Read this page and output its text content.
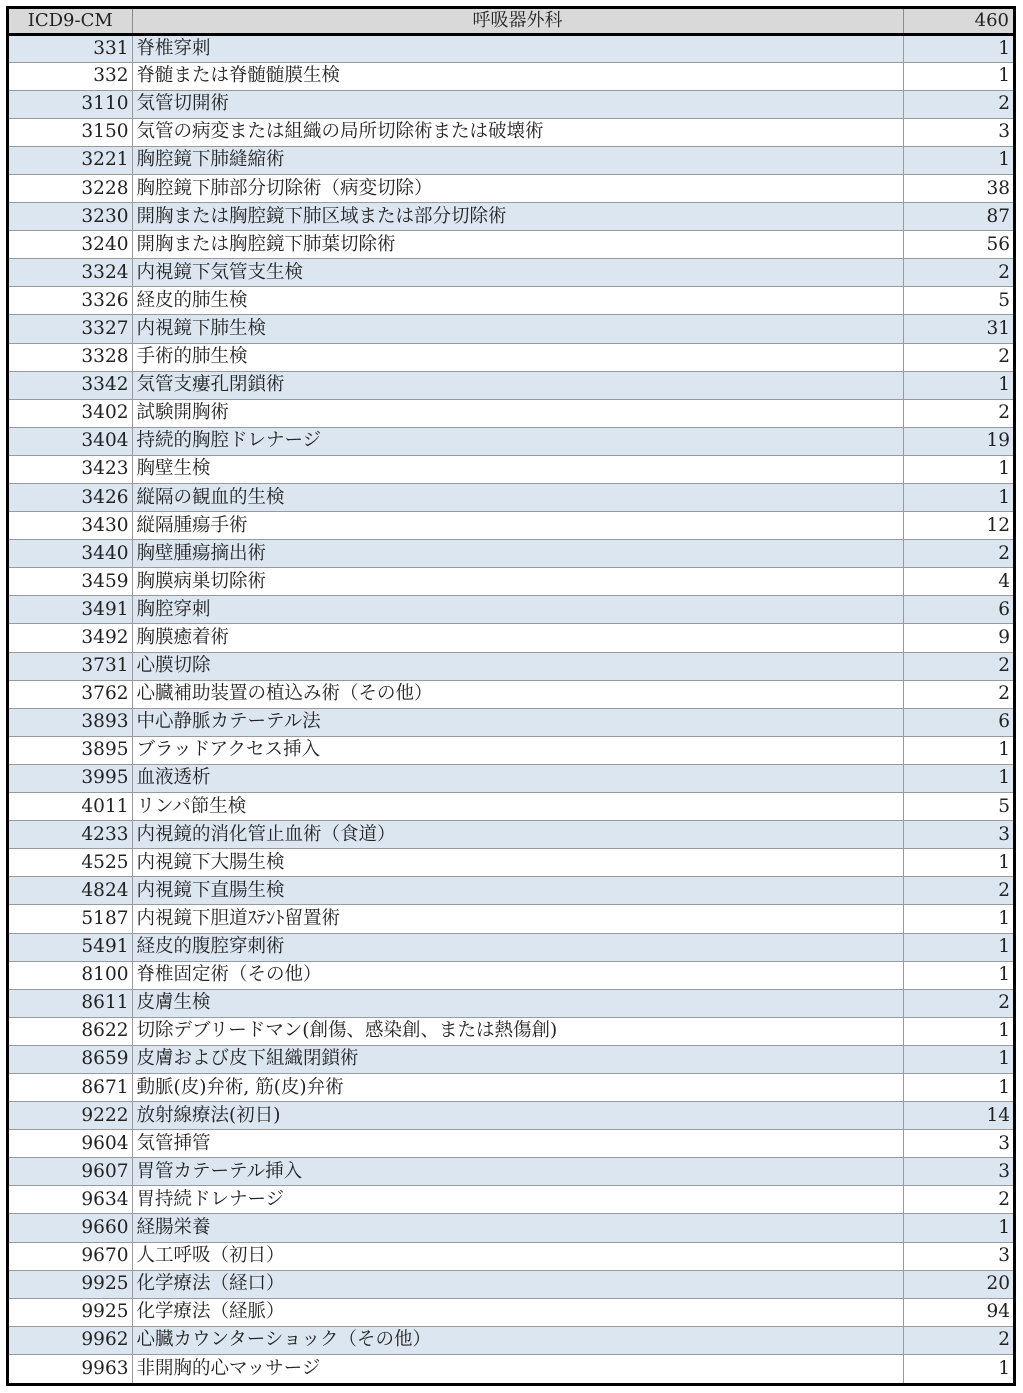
ICD9-CM	呼吸器外科	460
331	脊椎穿刺	1
332	脊髄または脊髄髄膜生検	1
3110	気管切開術	2
3150	気管の病変または組織の局所切除術または破壊術	3
3221	胸腔鏡下肺縫縮術	1
3228	胸腔鏡下肺部分切除術（病変切除）	38
3230	開胸または胸腔鏡下肺区域または部分切除術	87
3240	開胸または胸腔鏡下肺葉切除術	56
3324	内視鏡下気管支生検	2
3326	経皮的肺生検	5
3327	内視鏡下肺生検	31
3328	手術的肺生検	2
3342	気管支瘻孔閉鎖術	1
3402	試験開胸術	2
3404	持続的胸腔ドレナージ	19
3423	胸壁生検	1
3426	縦隔の観血的生検	1
3430	縦隔腫瘍手術	12
3440	胸壁腫瘍摘出術	2
3459	胸膜病巣切除術	4
3491	胸腔穿刺	6
3492	胸膜癒着術	9
3731	心膜切除	2
3762	心臓補助装置の植込み術（その他）	2
3893	中心静脈カテーテル法	6
3895	ブラッドアクセス挿入	1
3995	血液透析	1
4011	リンパ節生検	5
4233	内視鏡的消化管止血術（食道）	3
4525	内視鏡下大腸生検	1
4824	内視鏡下直腸生検	2
5187	内視鏡下胆道ｽﾃﾝﾄ留置術	1
5491	経皮的腹腔穿刺術	1
8100	脊椎固定術（その他）	1
8611	皮膚生検	2
8622	切除デブリードマン(創傷、感染創、または熱傷創)	1
8659	皮膚および皮下組織閉鎖術	1
8671	動脈(皮)弁術, 筋(皮)弁術	1
9222	放射線療法(初日)	14
9604	気管挿管	3
9607	胃管カテーテル挿入	3
9634	胃持続ドレナージ	2
9660	経腸栄養	1
9670	人工呼吸（初日）	3
9925	化学療法（経口）	20
9925	化学療法（経脈）	94
9962	心臓カウンターショック（その他）	2
9963	非開胸的心マッサージ	1
